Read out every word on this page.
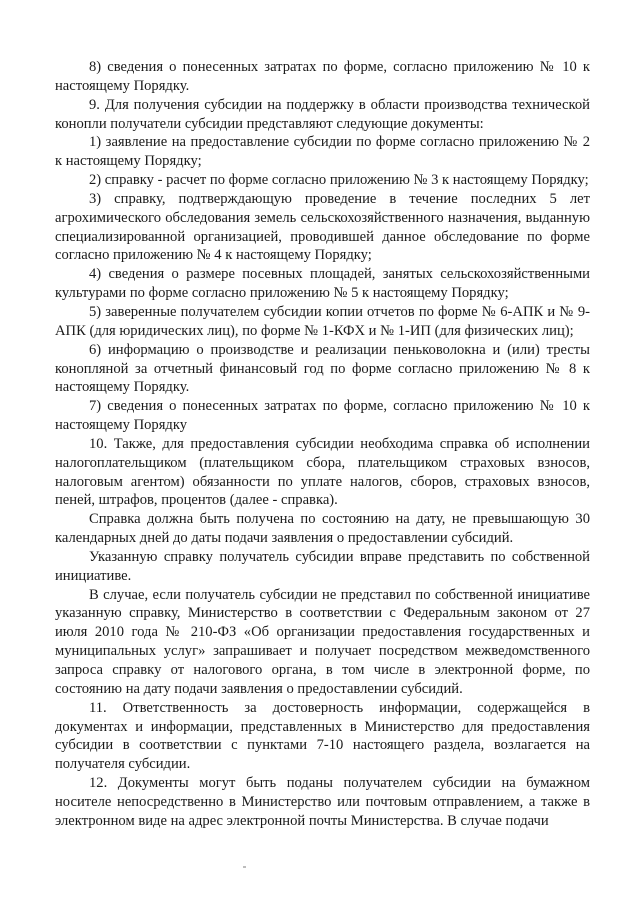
8) сведения о понесенных затратах по форме, согласно приложению № 10 к настоящему Порядку.

9. Для получения субсидии на поддержку в области производства технической конопли получатели субсидии представляют следующие документы:

1) заявление на предоставление субсидии по форме согласно приложению № 2 к настоящему Порядку;

2) справку - расчет по форме согласно приложению № 3 к настоящему Порядку;

3) справку, подтверждающую проведение в течение последних 5 лет агрохимического обследования земель сельскохозяйственного назначения, выданную специализированной организацией, проводившей данное обследование по форме согласно приложению № 4 к настоящему Порядку;

4) сведения о размере посевных площадей, занятых сельскохозяйственными культурами по форме согласно приложению № 5 к настоящему Порядку;

5) заверенные получателем субсидии копии отчетов по форме № 6-АПК и № 9-АПК (для юридических лиц), по форме № 1-КФХ и № 1-ИП (для физических лиц);

6) информацию о производстве и реализации пеньковолокна и (или) тресты конопляной за отчетный финансовый год по форме согласно приложению № 8 к настоящему Порядку.

7) сведения о понесенных затратах по форме, согласно приложению № 10 к настоящему Порядку

10. Также, для предоставления субсидии необходима справка об исполнении налогоплательщиком (плательщиком сбора, плательщиком страховых взносов, налоговым агентом) обязанности по уплате налогов, сборов, страховых взносов, пеней, штрафов, процентов (далее - справка).

Справка должна быть получена по состоянию на дату, не превышающую 30 календарных дней до даты подачи заявления о предоставлении субсидий.

Указанную справку получатель субсидии вправе представить по собственной инициативе.

В случае, если получатель субсидии не представил по собственной инициативе указанную справку, Министерство в соответствии с Федеральным законом от 27 июля 2010 года № 210-ФЗ «Об организации предоставления государственных и муниципальных услуг» запрашивает и получает посредством межведомственного запроса справку от налогового органа, в том числе в электронной форме, по состоянию на дату подачи заявления о предоставлении субсидий.

11. Ответственность за достоверность информации, содержащейся в документах и информации, представленных в Министерство для предоставления субсидии в соответствии с пунктами 7-10 настоящего раздела, возлагается на получателя субсидии.

12. Документы могут быть поданы получателем субсидии на бумажном носителе непосредственно в Министерство или почтовым отправлением, а также в электронном виде на адрес электронной почты Министерства. В случае подачи
